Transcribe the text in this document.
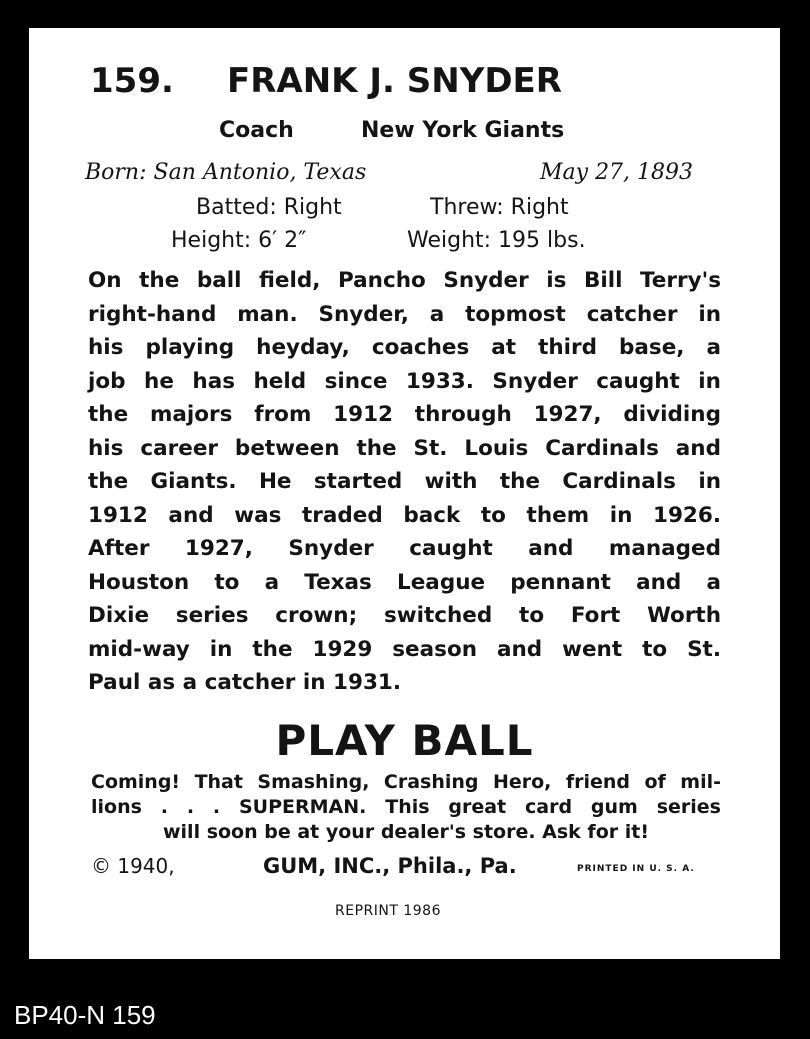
159. FRANK J. SNYDER
Coach	New York Giants
Born: San Antonio, Texas	May 27, 1893
Batted: Right	Threw: Right
Height: 6′ 2″	Weight: 195 lbs.
On the ball field, Pancho Snyder is Bill Terry's
right-hand man. Snyder, a topmost catcher in
his playing heyday, coaches at third base, a
job he has held since 1933. Snyder caught in
the majors from 1912 through 1927, dividing
his career between the St. Louis Cardinals and
the Giants. He started with the Cardinals in
1912 and was traded back to them in 1926.
After 1927, Snyder caught and managed
Houston to a Texas League pennant and a
Dixie series crown; switched to Fort Worth
mid-way in the 1929 season and went to St.
Paul as a catcher in 1931.
PLAY BALL
Coming! That Smashing, Crashing Hero, friend of mil-
lions . . . SUPERMAN. This great card gum series
will soon be at your dealer's store. Ask for it!
© 1940,	GUM, INC., Phila., Pa.	PRINTED IN U. S. A.
REPRINT 1986
BP40-N 159
